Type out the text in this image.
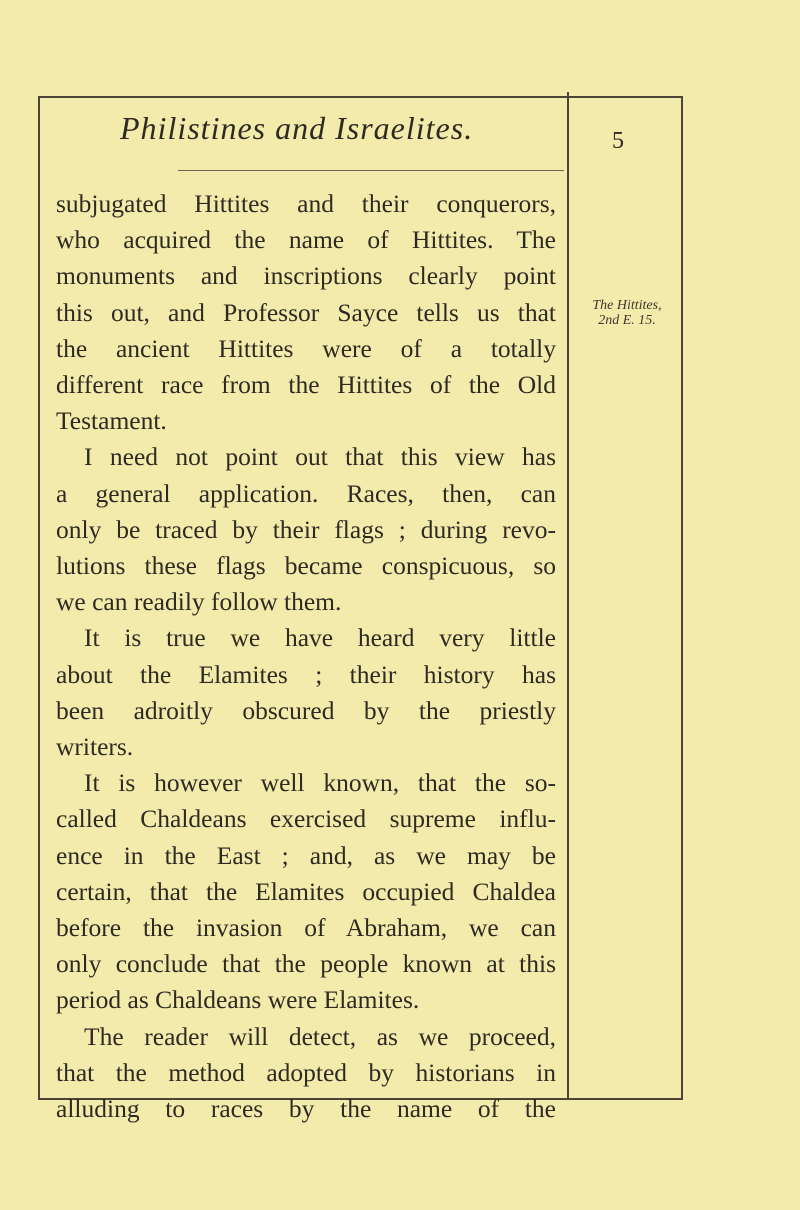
Philistines and Israelites.	5
The Hittites,
2nd E. 15.
subjugated Hittites and their conquerors,
who acquired the name of Hittites. The
monuments and inscriptions clearly point
this out, and Professor Sayce tells us that
the ancient Hittites were of a totally
different race from the Hittites of the Old
Testament.
I need not point out that this view has
a general application. Races, then, can
only be traced by their flags ; during revo-
lutions these flags became conspicuous, so
we can readily follow them.
It is true we have heard very little
about the Elamites ; their history has
been adroitly obscured by the priestly
writers.
It is however well known, that the so-
called Chaldeans exercised supreme influ-
ence in the East ; and, as we may be
certain, that the Elamites occupied Chaldea
before the invasion of Abraham, we can
only conclude that the people known at this
period as Chaldeans were Elamites.
The reader will detect, as we proceed,
that the method adopted by historians in
alluding to races by the name of the
